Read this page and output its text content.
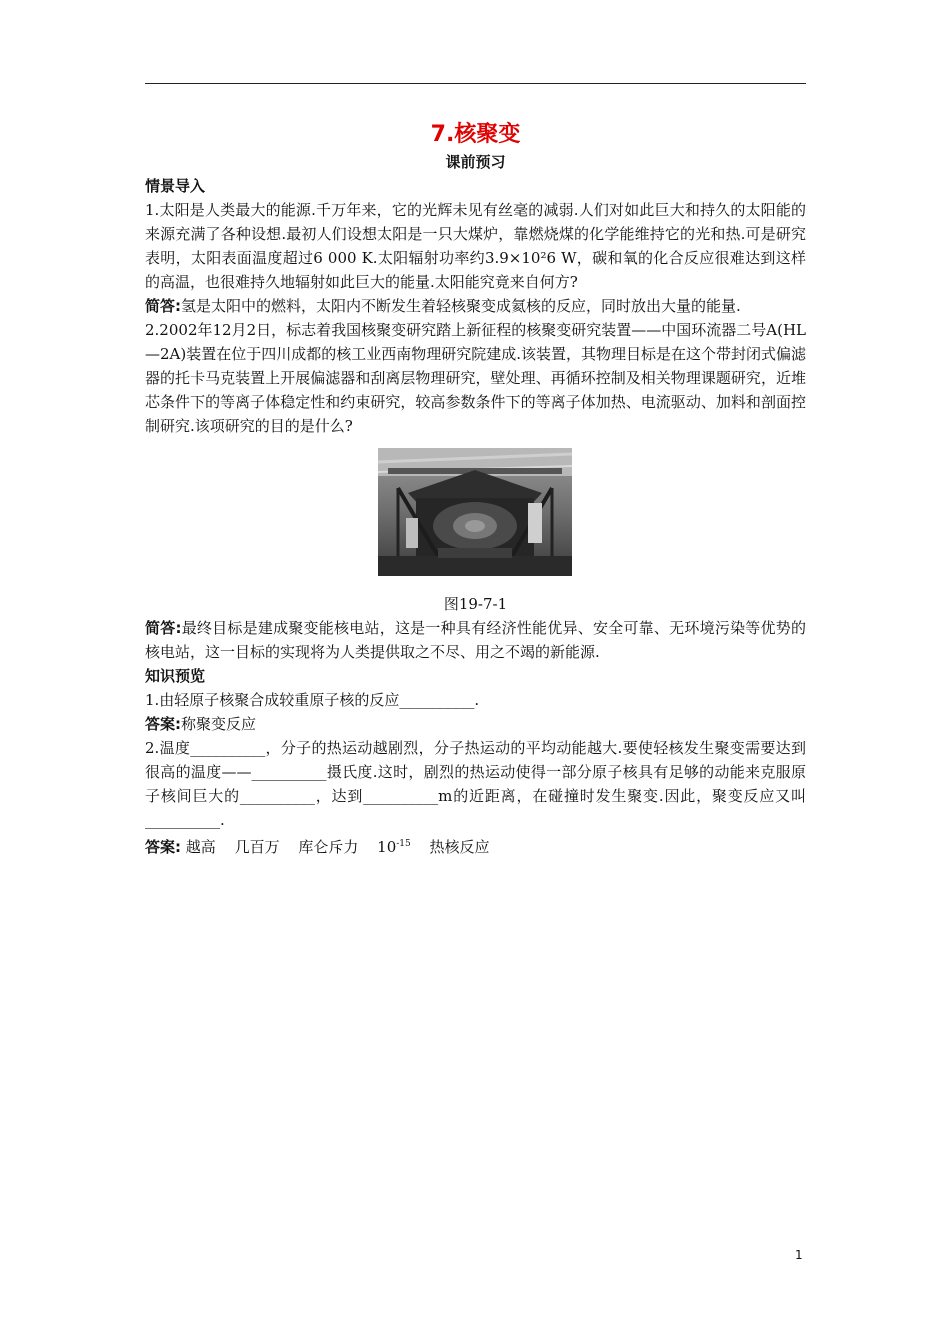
7.核聚变
课前预习
情景导入
1.太阳是人类最大的能源.千万年来，它的光辉未见有丝毫的减弱.人们对如此巨大和持久的太阳能的来源充满了各种设想.最初人们设想太阳是一只大煤炉，靠燃烧煤的化学能维持它的光和热.可是研究表明，太阳表面温度超过6 000 K.太阳辐射功率约3.9×10²6 W，碳和氧的化合反应很难达到这样的高温，也很难持久地辐射如此巨大的能量.太阳能究竟来自何方?
简答:氢是太阳中的燃料，太阳内不断发生着轻核聚变成氦核的反应，同时放出大量的能量.
2.2002年12月2日，标志着我国核聚变研究踏上新征程的核聚变研究装置——中国环流器二号A(HL—2A)装置在位于四川成都的核工业西南物理研究院建成.该装置，其物理目标是在这个带封闭式偏滤器的托卡马克装置上开展偏滤器和刮离层物理研究，壁处理、再循环控制及相关物理课题研究，近堆芯条件下的等离子体稳定性和约束研究，较高参数条件下的等离子体加热、电流驱动、加料和剖面控制研究.该项研究的目的是什么?
图19-7-1
简答:最终目标是建成聚变能核电站，这是一种具有经济性能优异、安全可靠、无环境污染等优势的核电站，这一目标的实现将为人类提供取之不尽、用之不竭的新能源.
知识预览
1.由轻原子核聚合成较重原子核的反应__________.
答案:称聚变反应
2.温度__________，分子的热运动越剧烈，分子热运动的平均动能越大.要使轻核发生聚变需要达到很高的温度——__________摄氏度.这时，剧烈的热运动使得一部分原子核具有足够的动能来克服原子核间巨大的__________，达到__________m的近距离，在碰撞时发生聚变.因此，聚变反应又叫__________.
答案: 越高 几百万 库仑斥力 $10^{-15}$ 热核反应
1
